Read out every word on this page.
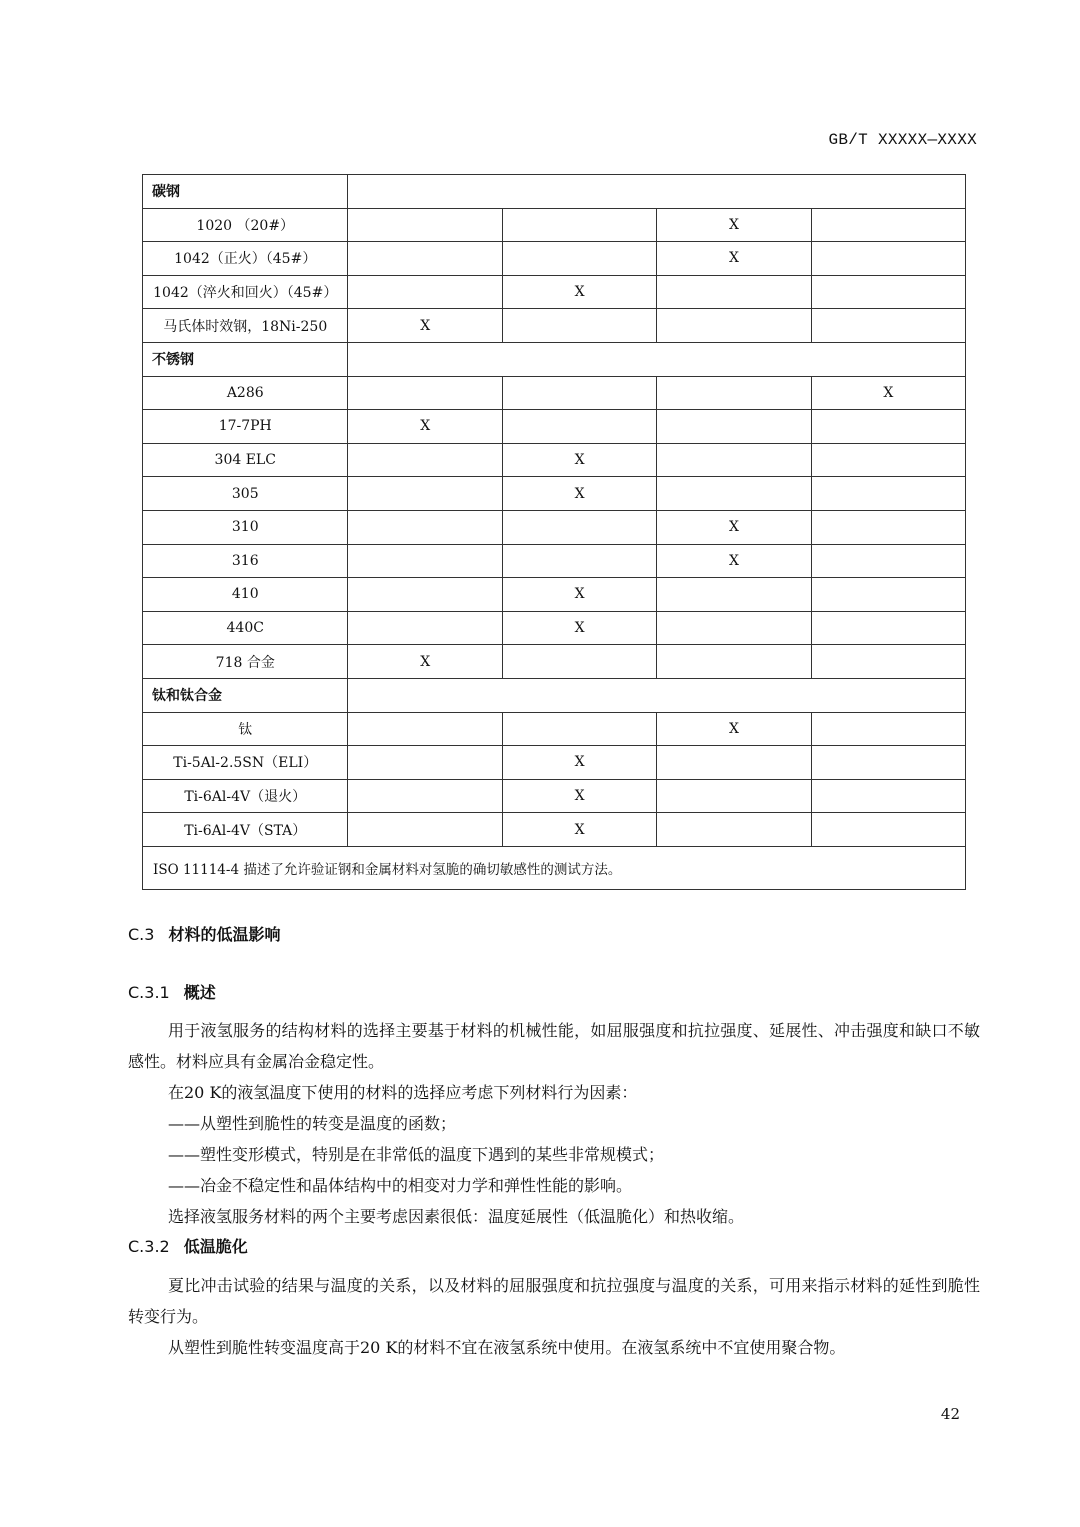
GB/T XXXXX—XXXX
碳钢				
1020 （20#）			X	
1042（正火）（45#）			X	
1042（淬火和回火）（45#）		X		
马氏体时效钢，18Ni-250	X			
不锈钢				
A286				X
17-7PH	X			
304 ELC		X		
305		X		
310			X	
316			X	
410		X		
440C		X		
718 合金	X			
钛和钛合金				
钛			X	
Ti-5Al-2.5SN（ELI）		X		
Ti-6Al-4V（退火）		X		
Ti-6Al-4V（STA）		X		
ISO 11114-4 描述了允许验证钢和金属材料对氢脆的确切敏感性的测试方法。				
C.3 材料的低温影响
C.3.1 概述

用于液氢服务的结构材料的选择主要基于材料的机械性能，如屈服强度和抗拉强度、延展性、冲击强度和缺口不敏感性。材料应具有金属冶金稳定性。

在20 K的液氢温度下使用的材料的选择应考虑下列材料行为因素：

——从塑性到脆性的转变是温度的函数；

——塑性变形模式，特别是在非常低的温度下遇到的某些非常规模式；

——冶金不稳定性和晶体结构中的相变对力学和弹性性能的影响。

选择液氢服务材料的两个主要考虑因素很低：温度延展性（低温脆化）和热收缩。

C.3.2 低温脆化

夏比冲击试验的结果与温度的关系，以及材料的屈服强度和抗拉强度与温度的关系，可用来指示材料的延性到脆性转变行为。

从塑性到脆性转变温度高于20 K的材料不宜在液氢系统中使用。在液氢系统中不宜使用聚合物。

42
